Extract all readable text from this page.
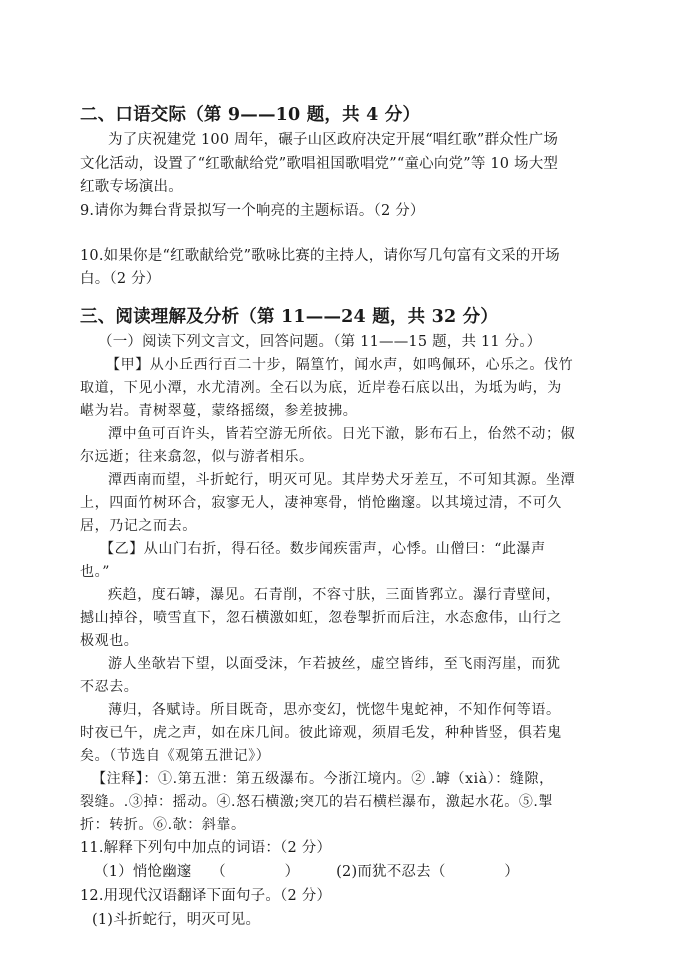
二、口语交际（第 9——10 题，共 4 分）
为了庆祝建党 100 周年，碾子山区政府决定开展“唱红歌”群众性广场
文化活动，设置了“红歌献给党”歌唱祖国歌唱党”“童心向党”等 10 场大型
红歌专场演出。
9.请你为舞台背景拟写一个响亮的主题标语。（2 分）
10.如果你是“红歌献给党”歌咏比赛的主持人，请你写几句富有文采的开场
白。（2 分）
三、阅读理解及分析（第 11——24 题，共 32 分）
（一）阅读下列文言文，回答问题。（第 11——15 题，共 11 分。）
【甲】从小丘西行百二十步，隔篁竹，闻水声，如鸣佩环，心乐之。伐竹
取道，下见小潭，水尤清冽。全石以为底，近岸卷石底以出，为坻为屿，为
嵁为岩。青树翠蔓，蒙络摇缀，参差披拂。
潭中鱼可百许头，皆若空游无所依。日光下澈，影布石上，佁然不动；俶
尔远逝；往来翕忽，似与游者相乐。
潭西南而望，斗折蛇行，明灭可见。其岸势犬牙差互，不可知其源。坐潭
上，四面竹树环合，寂寥无人，凄神寒骨，悄怆幽邃。以其境过清，不可久
居，乃记之而去。
【乙】从山门右折，得石径。数步闻疾雷声，心悸。山僧曰：“此瀑声
也。”
疾趋，度石罅，瀑见。石青削，不容寸肤，三面皆郛立。瀑行青壁间，
撼山掉谷，喷雪直下，忽石横激如虹，忽卷掣折而后注，水态愈伟，山行之
极观也。
游人坐欹岩下望，以面受沫，乍若披丝，虚空皆纬，至飞雨泻崖，而犹
不忍去。
薄归，各赋诗。所目既奇，思亦变幻，恍惚牛鬼蛇神，不知作何等语。
时夜已午，虎之声，如在床几间。彼此谛观，须眉毛发，种种皆竖，俱若鬼
矣。（节选自《观第五泄记》）
【注释】：①.第五泄：第五级瀑布。今浙江境内。② .罅（xià）：缝隙，
裂缝。.③掉：摇动。④.怒石横激;突兀的岩石横栏瀑布，激起水花。⑤.掣
折：转折。⑥.欹：斜靠。
11.解释下列句中加点的词语：（2 分）
（1）悄怆幽邃　 （　　　　）　　　(2)而犹不忍去（　　　　）
12.用现代汉语翻译下面句子。（2 分）
(1)斗折蛇行，明灭可见。
